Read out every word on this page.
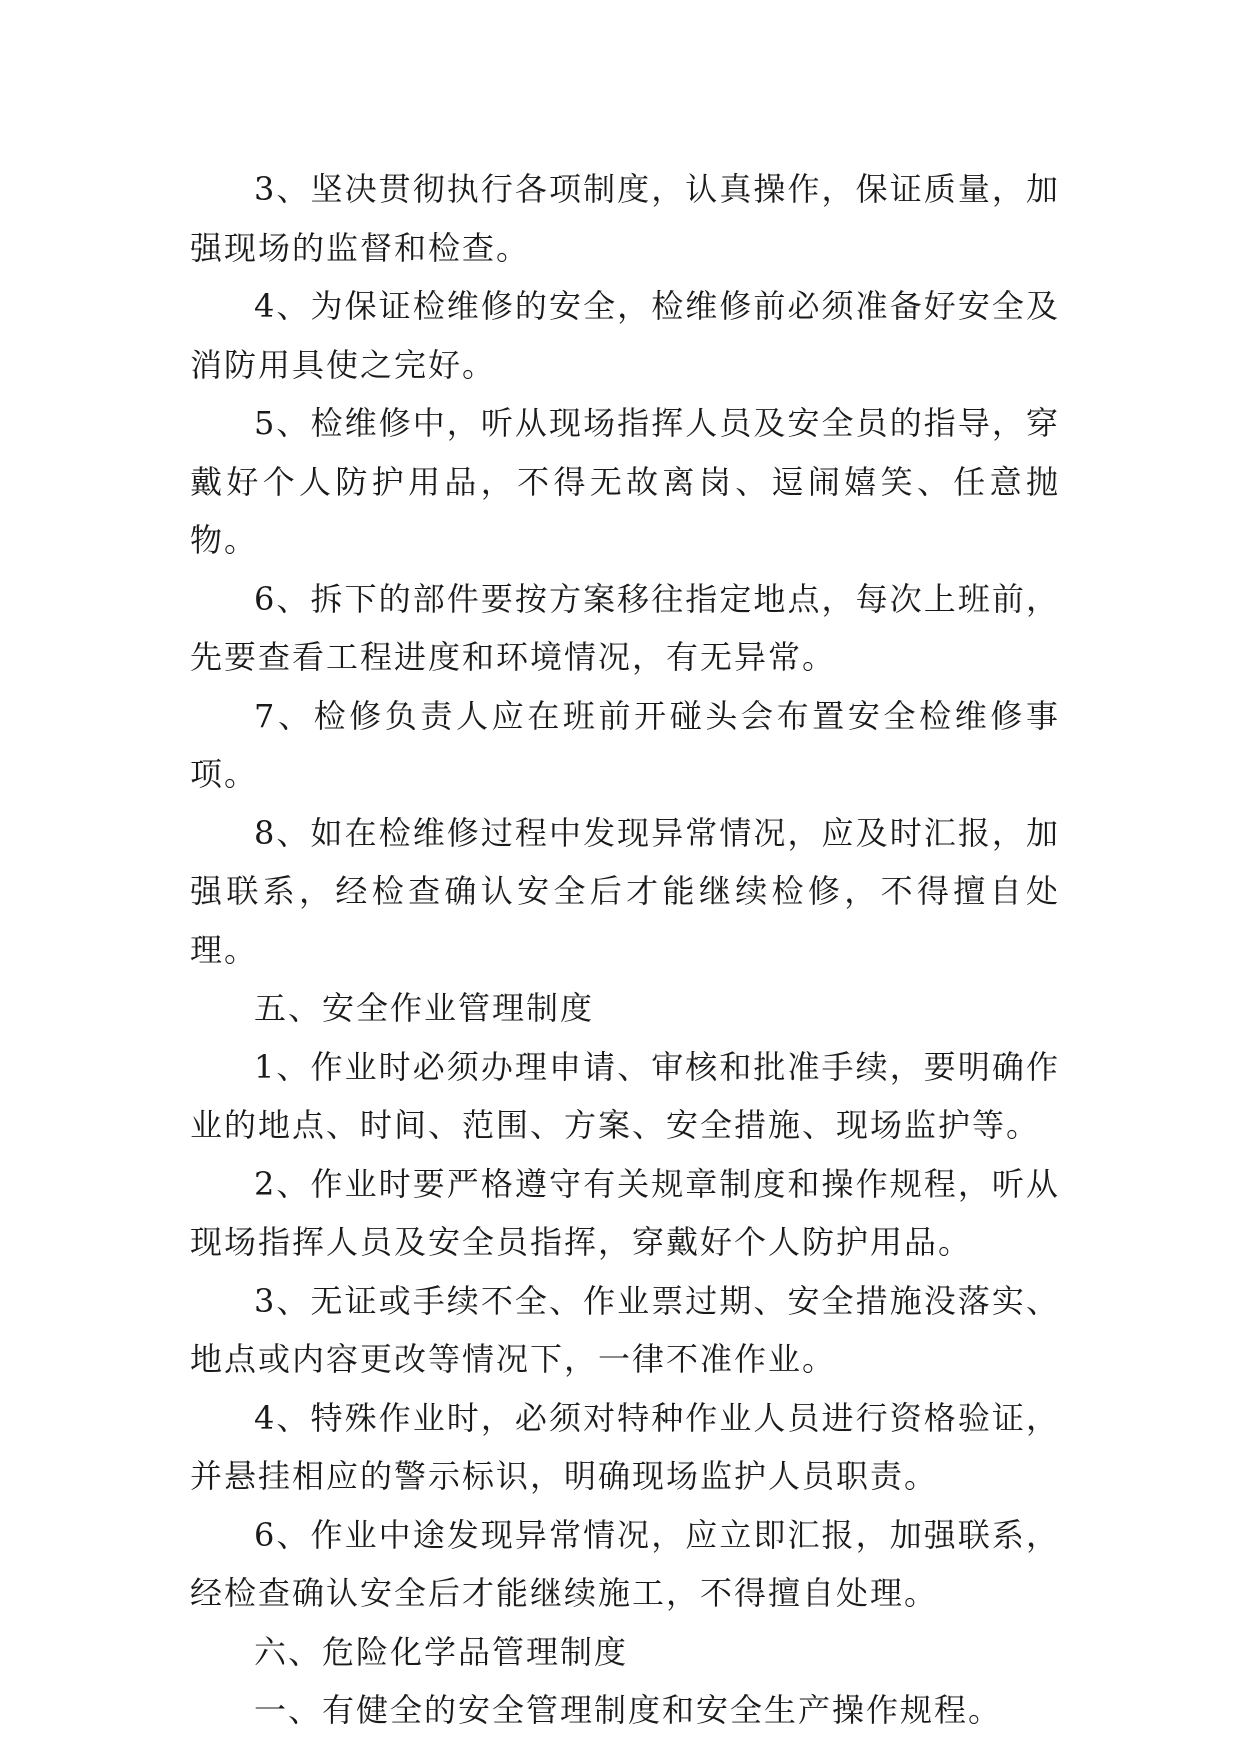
3、坚决贯彻执行各项制度，认真操作，保证质量，加强现场的监督和检查。

4、为保证检维修的安全，检维修前必须准备好安全及消防用具使之完好。

5、检维修中，听从现场指挥人员及安全员的指导，穿戴好个人防护用品，不得无故离岗、逗闹嬉笑、任意抛物。

6、拆下的部件要按方案移往指定地点，每次上班前，先要查看工程进度和环境情况，有无异常。

7、检修负责人应在班前开碰头会布置安全检维修事项。

8、如在检维修过程中发现异常情况，应及时汇报，加强联系，经检查确认安全后才能继续检修，不得擅自处理。

五、安全作业管理制度

1、作业时必须办理申请、审核和批准手续，要明确作业的地点、时间、范围、方案、安全措施、现场监护等。

2、作业时要严格遵守有关规章制度和操作规程，听从现场指挥人员及安全员指挥，穿戴好个人防护用品。

3、无证或手续不全、作业票过期、安全措施没落实、地点或内容更改等情况下，一律不准作业。

4、特殊作业时，必须对特种作业人员进行资格验证，并悬挂相应的警示标识，明确现场监护人员职责。

6、作业中途发现异常情况，应立即汇报，加强联系，经检查确认安全后才能继续施工，不得擅自处理。

六、危险化学品管理制度

一、有健全的安全管理制度和安全生产操作规程。
